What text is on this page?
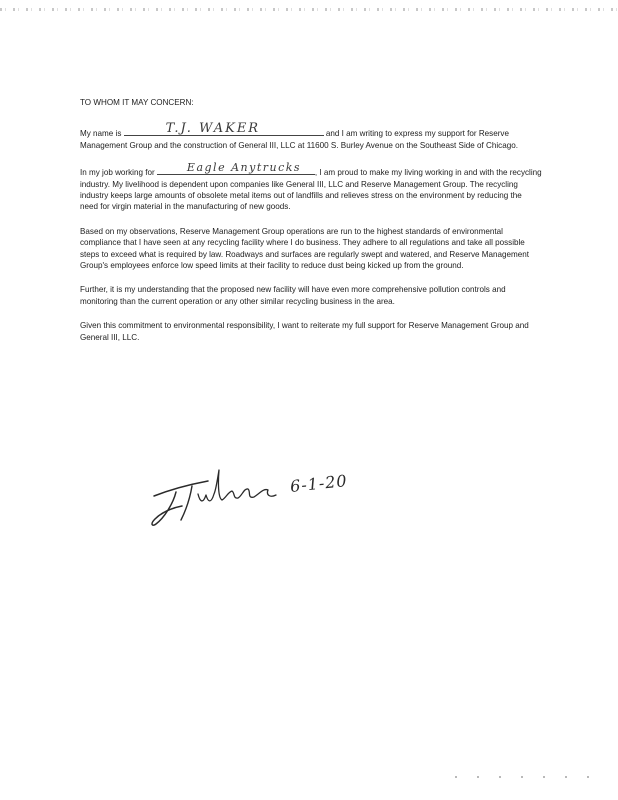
TO WHOM IT MAY CONCERN:

My name is	T.J. WAKER	and I am writing to express my support for Reserve Management Group and the construction of General III, LLC at 11600 S. Burley Avenue on the Southeast Side of Chicago.

In my job working for	Eagle Anytrucks , I am proud to make my living working in and with the recycling industry. My livelihood is dependent upon companies like General III, LLC and Reserve Management Group. The recycling industry keeps large amounts of obsolete metal items out of landfills and relieves stress on the environment by reducing the need for virgin material in the manufacturing of new goods.

Based on my observations, Reserve Management Group operations are run to the highest standards of environmental compliance that I have seen at any recycling facility where I do business. They adhere to all regulations and take all possible steps to exceed what is required by law. Roadways and surfaces are regularly swept and watered, and Reserve Management Group's employees enforce low speed limits at their facility to reduce dust being kicked up from the ground.

Further, it is my understanding that the proposed new facility will have even more comprehensive pollution controls and monitoring than the current operation or any other similar recycling business in the area.

Given this commitment to environmental responsibility, I want to reiterate my full support for Reserve Management Group and General III, LLC.

6-1-20
